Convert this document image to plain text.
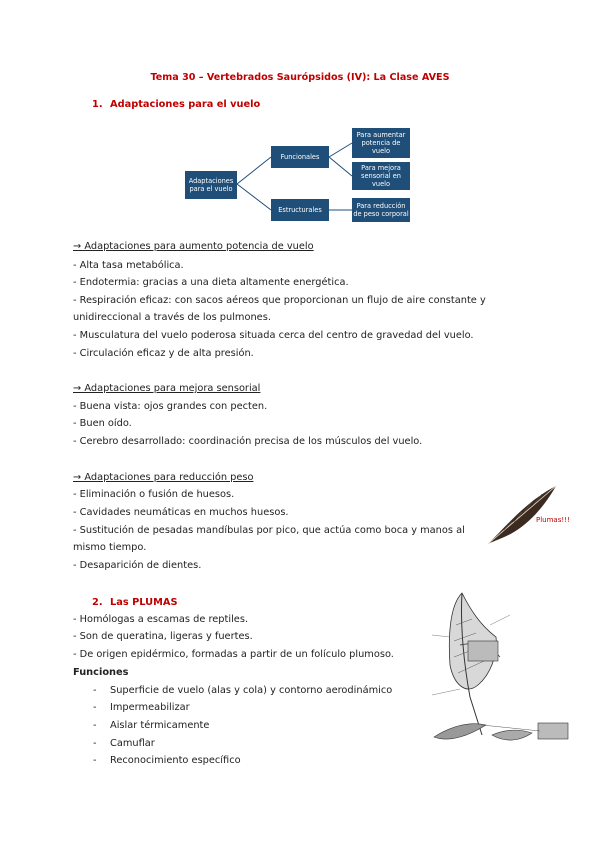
Tema 30 – Vertebrados Saurópsidos (IV): La Clase AVES
1. Adaptaciones para el vuelo
Adaptaciones para el vuelo
Funcionales
Estructurales
Para aumentar potencia de vuelo
Para mejora sensorial en vuelo
Para reducción de peso corporal
→ Adaptaciones para aumento potencia de vuelo
- Alta tasa metabólica.
- Endotermia: gracias a una dieta altamente energética.
- Respiración eficaz: con sacos aéreos que proporcionan un flujo de aire constante y
unidireccional a través de los pulmones.
- Musculatura del vuelo poderosa situada cerca del centro de gravedad del vuelo.
- Circulación eficaz y de alta presión.
→ Adaptaciones para mejora sensorial
- Buena vista: ojos grandes con pecten.
- Buen oído.
- Cerebro desarrollado: coordinación precisa de los músculos del vuelo.
→ Adaptaciones para reducción peso
- Eliminación o fusión de huesos.
- Cavidades neumáticas en muchos huesos.
- Sustitución de pesadas mandíbulas por pico, que actúa como boca y manos al
mismo tiempo.
- Desaparición de dientes.
Plumas!!!
2. Las PLUMAS
- Homólogas a escamas de reptiles.
- Son de queratina, ligeras y fuertes.
- De origen epidérmico, formadas a partir de un folículo plumoso.
Funciones
- Superficie de vuelo (alas y cola) y contorno aerodinámico
- Impermeabilizar
- Aislar térmicamente
- Camuflar
- Reconocimiento específico
